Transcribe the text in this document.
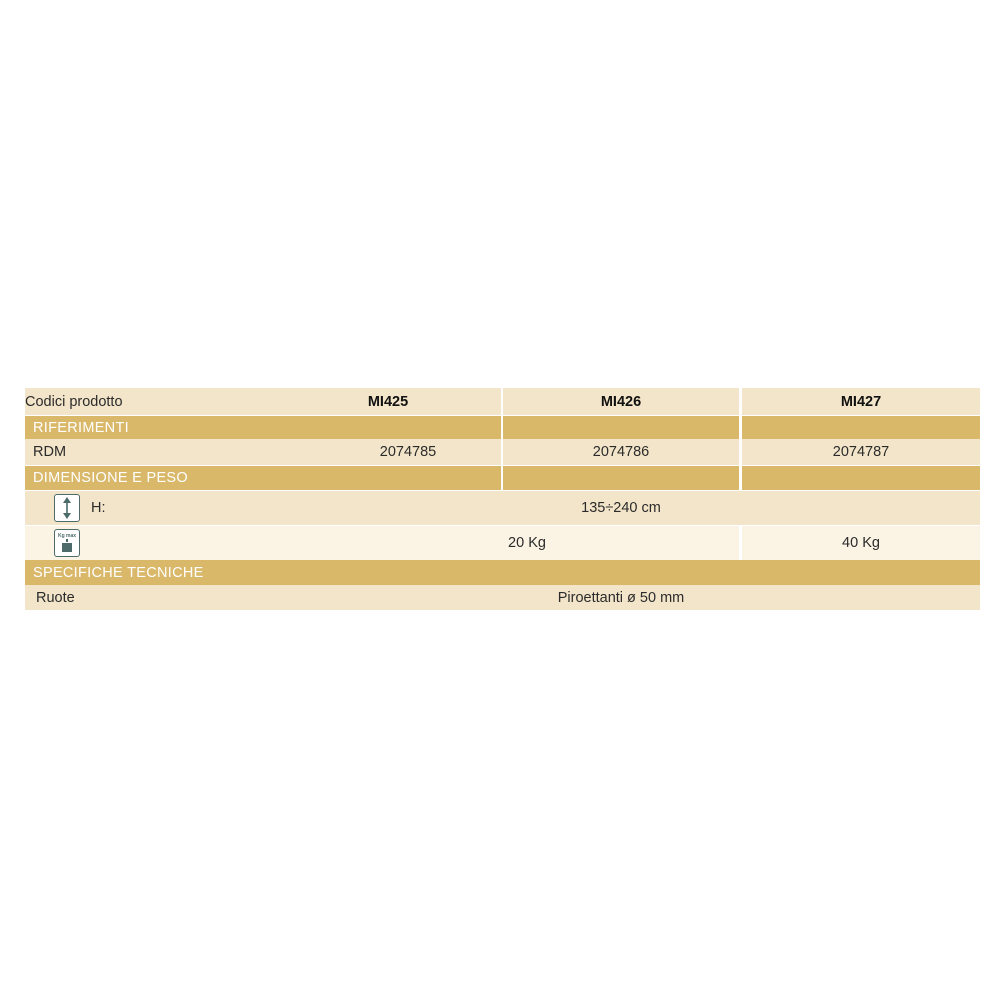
Codici prodotto	MI425	MI426	MI427
RIFERIMENTI
RDM	2074785	2074786	2074787
DIMENSIONE E PESO
H:	135÷240 cm
Kg max	20 Kg	40 Kg
SPECIFICHE TECNICHE
Ruote	Piroettanti ø 50 mm
